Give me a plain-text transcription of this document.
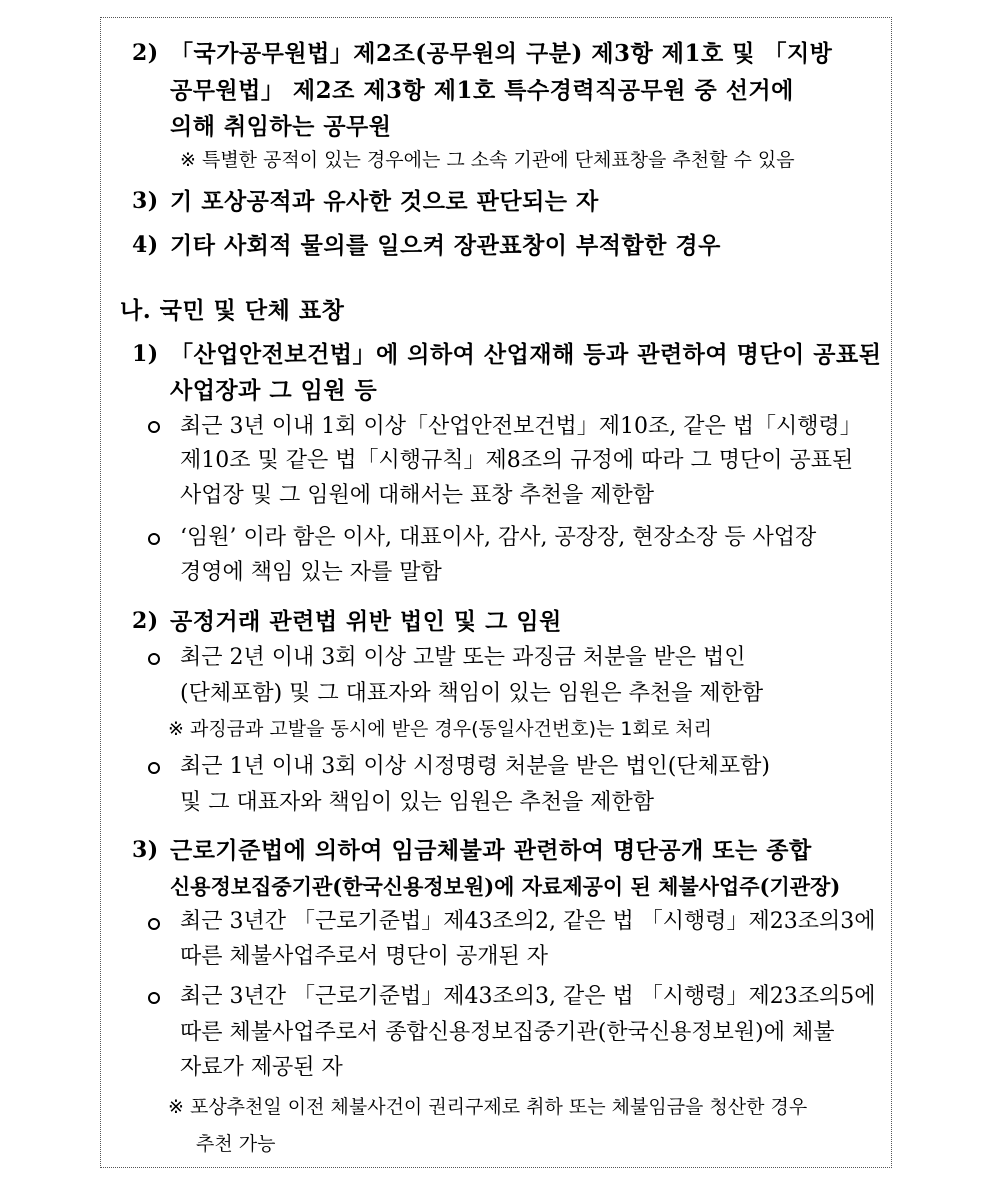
2) 「국가공무원법」제2조(공무원의 구분) 제3항 제1호 및 「지방
공무원법」 제2조 제3항 제1호 특수경력직공무원 중 선거에
의해 취임하는 공무원
※ 특별한 공적이 있는 경우에는 그 소속 기관에 단체표창을 추천할 수 있음
3) 기 포상공적과 유사한 것으로 판단되는 자
4) 기타 사회적 물의를 일으켜 장관표창이 부적합한 경우
나. 국민 및 단체 표창
1) 「산업안전보건법」에 의하여 산업재해 등과 관련하여 명단이 공표된
사업장과 그 임원 등
최근 3년 이내 1회 이상「산업안전보건법」제10조, 같은 법「시행령」
제10조 및 같은 법「시행규칙」제8조의 규정에 따라 그 명단이 공표된
사업장 및 그 임원에 대해서는 표창 추천을 제한함
‘임원’ 이라 함은 이사, 대표이사, 감사, 공장장, 현장소장 등 사업장
경영에 책임 있는 자를 말함
2) 공정거래 관련법 위반 법인 및 그 임원
최근 2년 이내 3회 이상 고발 또는 과징금 처분을 받은 법인
(단체포함) 및 그 대표자와 책임이 있는 임원은 추천을 제한함
※ 과징금과 고발을 동시에 받은 경우(동일사건번호)는 1회로 처리
최근 1년 이내 3회 이상 시정명령 처분을 받은 법인(단체포함)
및 그 대표자와 책임이 있는 임원은 추천을 제한함
3) 근로기준법에 의하여 임금체불과 관련하여 명단공개 또는 종합
신용정보집중기관(한국신용정보원)에 자료제공이 된 체불사업주(기관장)
최근 3년간 「근로기준법」제43조의2, 같은 법 「시행령」제23조의3에
따른 체불사업주로서 명단이 공개된 자
최근 3년간 「근로기준법」제43조의3, 같은 법 「시행령」제23조의5에
따른 체불사업주로서 종합신용정보집중기관(한국신용정보원)에 체불
자료가 제공된 자
※ 포상추천일 이전 체불사건이 권리구제로 취하 또는 체불임금을 청산한 경우
추천 가능
